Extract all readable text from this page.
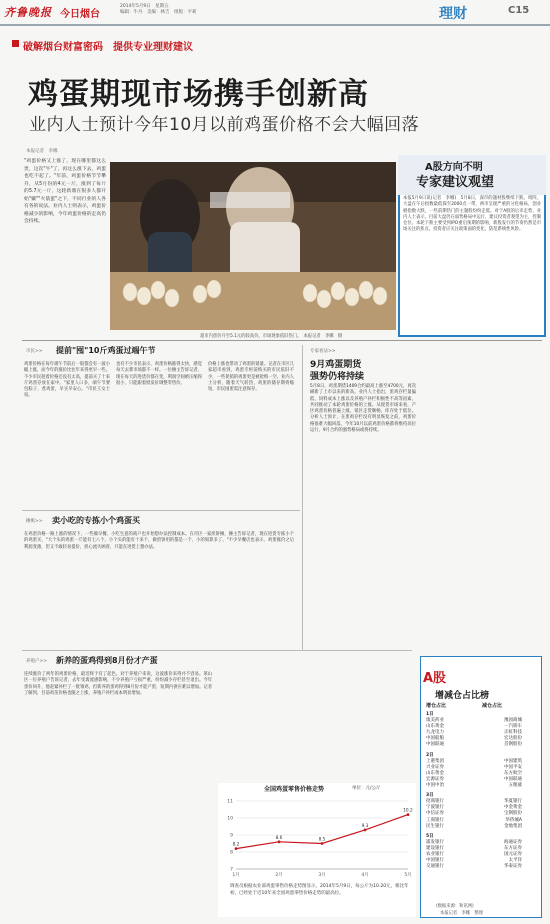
齐鲁晚报 今日烟台
2014年5月9日　星期五
编辑：牛丹　美编：林吉　组版：平莉	理财	C15
破解烟台财富密码　提供专业理财建议
鸡蛋期现市场携手创新高
业内人士预计今年10月以前鸡蛋价格不会大幅回落
本报记者　李娜
"鸡蛋价格又上涨了，现在哪里都这么贵，这次"牛"了，再这么涨下去，鸡蛋也吃不起了。"年前，鸡蛋价格节节攀升，从5月份的4元一斤，涨到了每斤的5.7元一斤，这轮新鼎在很多人都开始"嫌""火箭蛋"之下，不同行业的人各有各的说法。业内人士则表示，鸡蛋价格减少的影响，今年鸡蛋价格的走高仍会持续。
超市内蛋价升至5.1元的较高价，市场现象依旧热门。　本报记者　李娜　摄
A股方向不明
专家建议观望
本报5月9日讯(记者　李娜)　5月8日，深市的题材股继续下跌。周四，大盘在午后指数最低探至2000点一带，两市呈现严重的分化格局，创业板指数大跌，一些前期热门的主题股纷纷走低。对于A股的后市走势，业内人士表示，目前大盘仍在弱势格局中运行，建议投资者观望为主，控制仓位。本轮下跌主要受到IPO重启预期的影响，新股发行的节奏仍然是市场关注的焦点。投资者应关注政策面的变化，防范系统性风险。
市民>> 提前"囤"10斤鸡蛋过端午节
鸡蛋价格在每年端午节前后一般都会有一波小幅上涨，而今年的涨价比往年来得更早一些。不少市民趁着价格还没有太高，提前买了十来斤鸡蛋存放在家中。"家里人口多，端午节要包粽子、煮鸡蛋，早买早安心。"市民王女士说。
也有不少市民表示，鸡蛋价格涨得太快，感觉每天去菜市场都不一样。一位摊主告诉记者，现在每天的进货价都在变，利润空间被压缩得很小，只能跟着批发价调整零售价。
价格上涨也带动了鸡蛋的销量。记者在市区几家超市看到，鸡蛋专柜前购买的市民依旧不少，一些促销的鸡蛋更是被抢购一空。业内人士分析，随着天气转热，鸡蛋的储存期将缩短，市民囤蛋需注意保存。
专家看法>>
9月鸡蛋期货
强势仍将持续
5月8日，鸡蛋期货1409合约最高上涨至4700元，再次刷新了上市以来的新高。业内人士指出，蛋鸡存栏量偏低、饲料成本上涨以及养殖户补栏积极性不高等因素，共同推动了本轮鸡蛋价格的上涨。从现货市场来看，产区鸡蛋价格普遍上涨，销区走货顺畅，库存处于低位。分析人士预计，在蛋鸡存栏没有明显恢复之前，鸡蛋价格很难大幅回落，今年10月以前鸡蛋价格都将维持高位运行，9月合约的强势格局或将持续。
摊贩>> 卖小吃的专拣小个鸡蛋买
在鸡蛋价格一路上涨的情况下，一些做早餐、小吃生意的商户也开始想办法控制成本。在市区一家煎饼摊，摊主告诉记者，现在进货专拣小个的鸡蛋买，"大个头的鸡蛋一斤能有七八个，小个头的能有十来个，做煎饼用的都是一个，小的划算多了。"不少早餐店也表示，鸡蛋涨价之后利润变薄，但又不敢轻易提价，担心流失顾客，只能在进货上想办法。
养殖户>> 新养的蛋鸡得到8月份才产蛋
连续涨价了两年的鸡蛋价格，最近终于有了起色。对于养殖户来说，这波涨价来得并不容易。莱山区一位养殖户告诉记者，去年受禽流感影响，不少养殖户亏损严重，纷纷减少存栏甚至退出。今年蛋价回升，他赶紧补栏了一批雏鸡，但新养的蛋鸡得到8月份才能产蛋，短期内供应难以增加。记者了解到，目前鸡苗价格也随之上涨，养殖户补栏成本明显增加。
A股
增减仓占比榜
增仓占比	减仓占比
1日
康美药业	豫园商城
山东黄金	一汽轿车
九龙电力	正虹科技
中国船舶	宏达股份
中国联通	首钢股份
2日
上港集团	中国建筑
兴业证券	中国平安
山东黄金	东方航空
宏源证券	中国联通
中国中冶	五粮液
3日
招商银行	华夏银行
宁波银行	中金黄金
中信证券	宝钢股份
工商银行	华侨城A
民生银行	金地集团
5日
浦发银行	海通证券
建设银行	东方证券
农业银行	国元证券
中国银行	太平洋
交通银行	华泰证券
(数据来源：和讯网)
本报记者　李娜　整理
7
8
9
10
11
1月	2月	3月	4月	5月
8.2
8.6	8.5
9.3
10.2
全国鸡蛋零售价格走势	单位：元/公斤
调查员根据农业部鸡蛋零售价格走势图显示，2014年5月9日，每公斤为10.20元，相比年初，已经处于近10年来全国鸡蛋零售价格走势的最高位。
